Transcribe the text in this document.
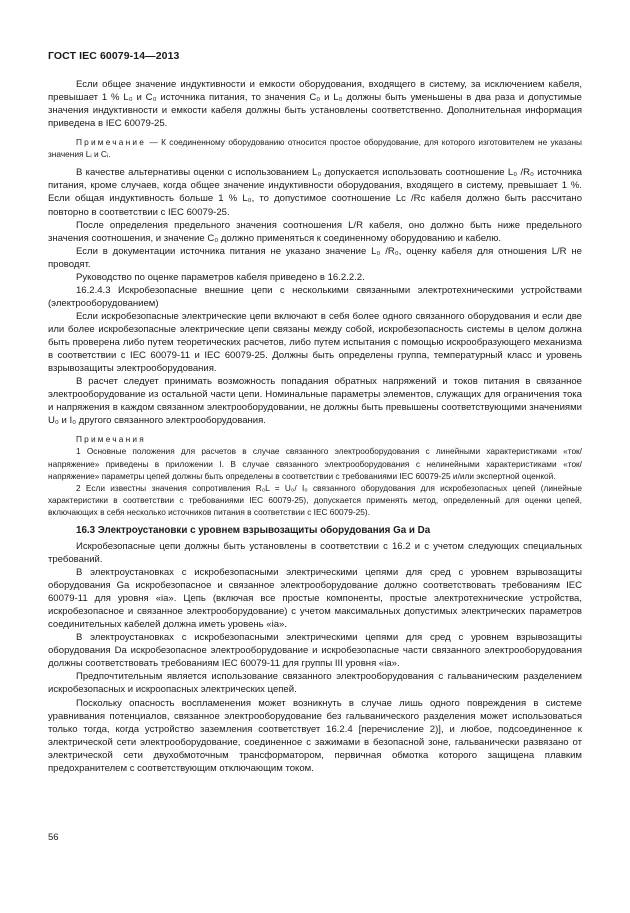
ГОСТ IEC 60079-14—2013

Если общее значение индуктивности и емкости оборудования, входящего в систему, за исключением кабеля, превышает 1 % L₀ и C₀ источника питания, то значения C₀ и L₀ должны быть уменьшены в два раза и допустимые значения индуктивности и емкости кабеля должны быть установлены соответственно. Дополнительная информация приведена в IEC 60079-25.

Примечание — К соединенному оборудованию относится простое оборудование, для которого изготовителем не указаны значения Lᵢ и Cᵢ.

В качестве альтернативы оценки с использованием L₀ допускается использовать соотношение L₀ /R₀ источника питания, кроме случаев, когда общее значение индуктивности оборудования, входящего в систему, превышает 1 %. Если общая индуктивность больше 1 % L₀, то допустимое соотношение Lc /Rc кабеля должно быть рассчитано повторно в соответствии с IEC 60079-25.

После определения предельного значения соотношения L/R кабеля, оно должно быть ниже предельного значения соотношения, и значение C₀ должно применяться к соединенному оборудованию и кабелю.

Если в документации источника питания не указано значение L₀ /R₀, оценку кабеля для отношения L/R не проводят.

Руководство по оценке параметров кабеля приведено в 16.2.2.2.

16.2.4.3 Искробезопасные внешние цепи с несколькими связанными электротехническими устройствами (электрооборудованием)

Если искробезопасные электрические цепи включают в себя более одного связанного оборудования и если две или более искробезопасные электрические цепи связаны между собой, искробезопасность системы в целом должна быть проверена либо путем теоретических расчетов, либо путем испытания с помощью искрообразующего механизма в соответствии с IEC 60079-11 и IEC 60079-25. Должны быть определены группа, температурный класс и уровень взрывозащиты электрооборудования.

В расчет следует принимать возможность попадания обратных напряжений и токов питания в связанное электрооборудование из остальной части цепи. Номинальные параметры элементов, служащих для ограничения тока и напряжения в каждом связанном электрооборудовании, не должны быть превышены соответствующими значениями U₀ и I₀ другого связанного электрооборудования.

Примечания

1 Основные положения для расчетов в случае связанного электрооборудования с линейными характеристиками «ток/напряжение» приведены в приложении I. В случае связанного электрооборудования с нелинейными характеристиками «ток/напряжение» параметры цепей должны быть определены в соответствии с требованиями IEC 60079-25 и/или экспертной оценкой.

2 Если известны значения сопротивления R₀L = U₀/ I₀ связанного оборудования для искробезопасных цепей (линейные характеристики в соответствии с требованиями IEC 60079-25), допускается применять метод, определенный для оценки цепей, включающих в себя несколько источников питания в соответствии с IEC 60079-25).

16.3 Электроустановки с уровнем взрывозащиты оборудования Ga и Da

Искробезопасные цепи должны быть установлены в соответствии с 16.2 и с учетом следующих специальных требований.

В электроустановках с искробезопасными электрическими цепями для сред с уровнем взрывозащиты оборудования Ga искробезопасное и связанное электрооборудование должно соответствовать требованиям IEC 60079-11 для уровня «ia». Цепь (включая все простые компоненты, простые электротехнические устройства, искробезопасное и связанное электрооборудование) с учетом максимальных допустимых электрических параметров соединительных кабелей должна иметь уровень «ia».

В электроустановках с искробезопасными электрическими цепями для сред с уровнем взрывозащиты оборудования Da искробезопасное электрооборудование и искробезопасные части связанного электрооборудования должны соответствовать требованиям IEC 60079-11 для группы III уровня «ia».

Предпочтительным является использование связанного электрооборудования с гальваническим разделением искробезопасных и искроопасных электрических цепей.

Поскольку опасность воспламенения может возникнуть в случае лишь одного повреждения в системе уравнивания потенциалов, связанное электрооборудование без гальванического разделения может использоваться только тогда, когда устройство заземления соответствует 16.2.4 [перечисление 2)], и любое, подсоединенное к электрической сети электрооборудование, соединенное с зажимами в безопасной зоне, гальванически развязано от электрической сети двухобмоточным трансформатором, первичная обмотка которого защищена плавким предохранителем с соответствующим отключающим током.

56
